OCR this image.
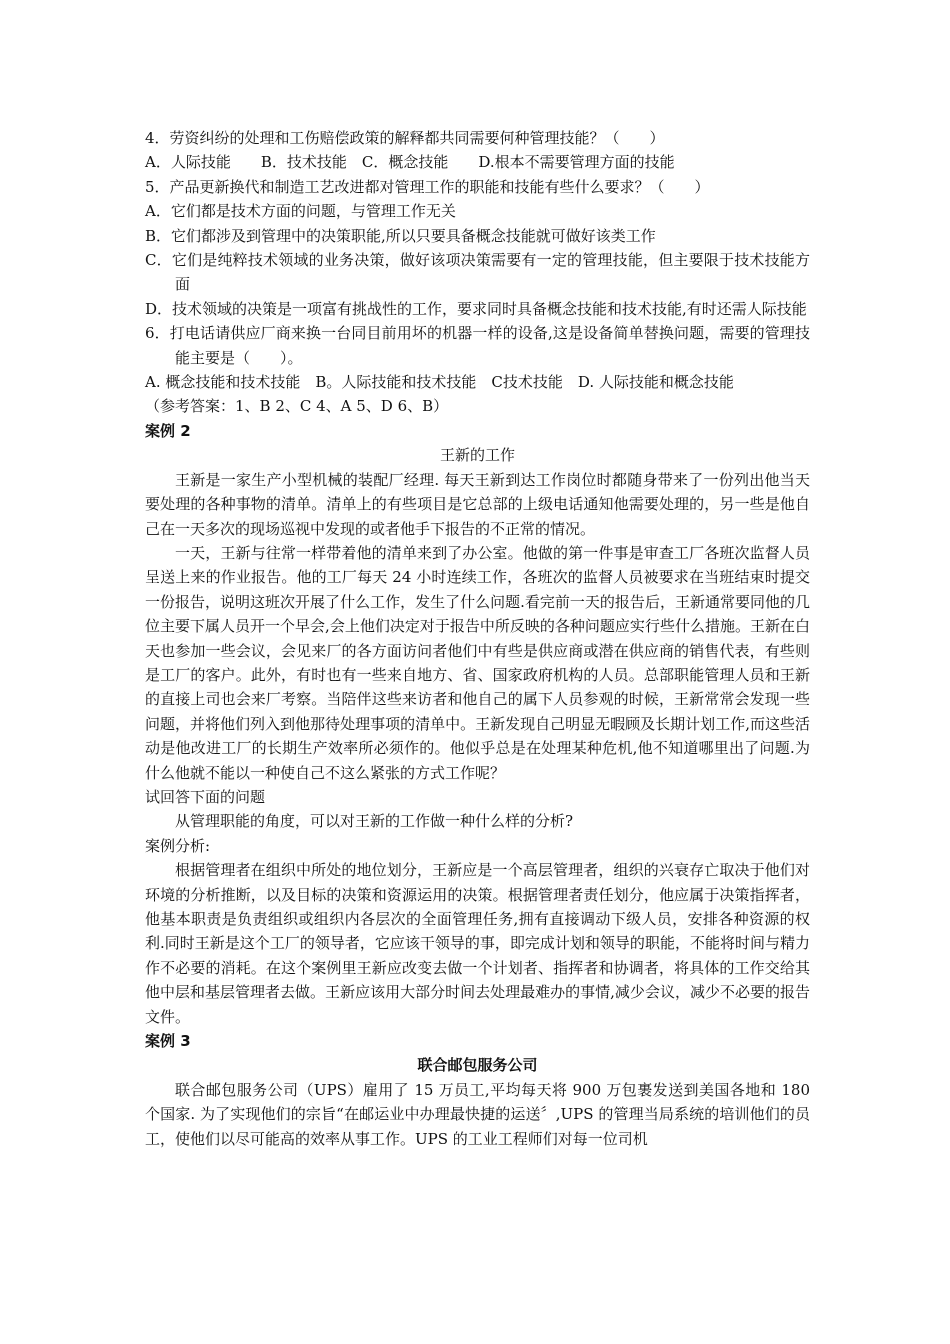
4．劳资纠纷的处理和工伤赔偿政策的解释都共同需要何种管理技能？（　　）
A．人际技能　　B．技术技能　C．概念技能　　D.根本不需要管理方面的技能
5．产品更新换代和制造工艺改进都对管理工作的职能和技能有些什么要求？（　　）
A．它们都是技术方面的问题，与管理工作无关
B．它们都涉及到管理中的决策职能,所以只要具备概念技能就可做好该类工作
C．它们是纯粹技术领域的业务决策，做好该项决策需要有一定的管理技能，但主要限于技术技能方面
D．技术领域的决策是一项富有挑战性的工作，要求同时具备概念技能和技术技能,有时还需人际技能
6．打电话请供应厂商来换一台同目前用坏的机器一样的设备,这是设备简单替换问题，需要的管理技能主要是（　　）。
A. 概念技能和技术技能　B。人际技能和技术技能　C技术技能　D. 人际技能和概念技能
（参考答案：1、B 2、C 4、A 5、D 6、B）
案例 2
王新的工作
王新是一家生产小型机械的装配厂经理. 每天王新到达工作岗位时都随身带来了一份列出他当天要处理的各种事物的清单。清单上的有些项目是它总部的上级电话通知他需要处理的，另一些是他自己在一天多次的现场巡视中发现的或者他手下报告的不正常的情况。
一天，王新与往常一样带着他的清单来到了办公室。他做的第一件事是审查工厂各班次监督人员呈送上来的作业报告。他的工厂每天 24 小时连续工作，各班次的监督人员被要求在当班结束时提交一份报告，说明这班次开展了什么工作，发生了什么问题.看完前一天的报告后，王新通常要同他的几位主要下属人员开一个早会,会上他们决定对于报告中所反映的各种问题应实行些什么措施。王新在白天也参加一些会议，会见来厂的各方面访问者他们中有些是供应商或潜在供应商的销售代表，有些则是工厂的客户。此外，有时也有一些来自地方、省、国家政府机构的人员。总部职能管理人员和王新的直接上司也会来厂考察。当陪伴这些来访者和他自己的属下人员参观的时候，王新常常会发现一些问题，并将他们列入到他那待处理事项的清单中。王新发现自己明显无暇顾及长期计划工作,而这些活动是他改进工厂的长期生产效率所必须作的。他似乎总是在处理某种危机,他不知道哪里出了问题.为什么他就不能以一种使自己不这么紧张的方式工作呢？
试回答下面的问题
从管理职能的角度，可以对王新的工作做一种什么样的分析?
案例分析:
根据管理者在组织中所处的地位划分，王新应是一个高层管理者，组织的兴衰存亡取决于他们对环境的分析推断，以及目标的决策和资源运用的决策。根据管理者责任划分，他应属于决策指挥者，他基本职责是负责组织或组织内各层次的全面管理任务,拥有直接调动下级人员，安排各种资源的权利.同时王新是这个工厂的领导者，它应该干领导的事，即完成计划和领导的职能，不能将时间与精力作不必要的消耗。在这个案例里王新应改变去做一个计划者、指挥者和协调者，将具体的工作交给其他中层和基层管理者去做。王新应该用大部分时间去处理最难办的事情,减少会议，减少不必要的报告文件。
案例 3
联合邮包服务公司
联合邮包服务公司（UPS）雇用了 15 万员工,平均每天将 900 万包裹发送到美国各地和 180 个国家. 为了实现他们的宗旨“在邮运业中办理最快捷的运送〞,UPS 的管理当局系统的培训他们的员工，使他们以尽可能高的效率从事工作。UPS 的工业工程师们对每一位司机
